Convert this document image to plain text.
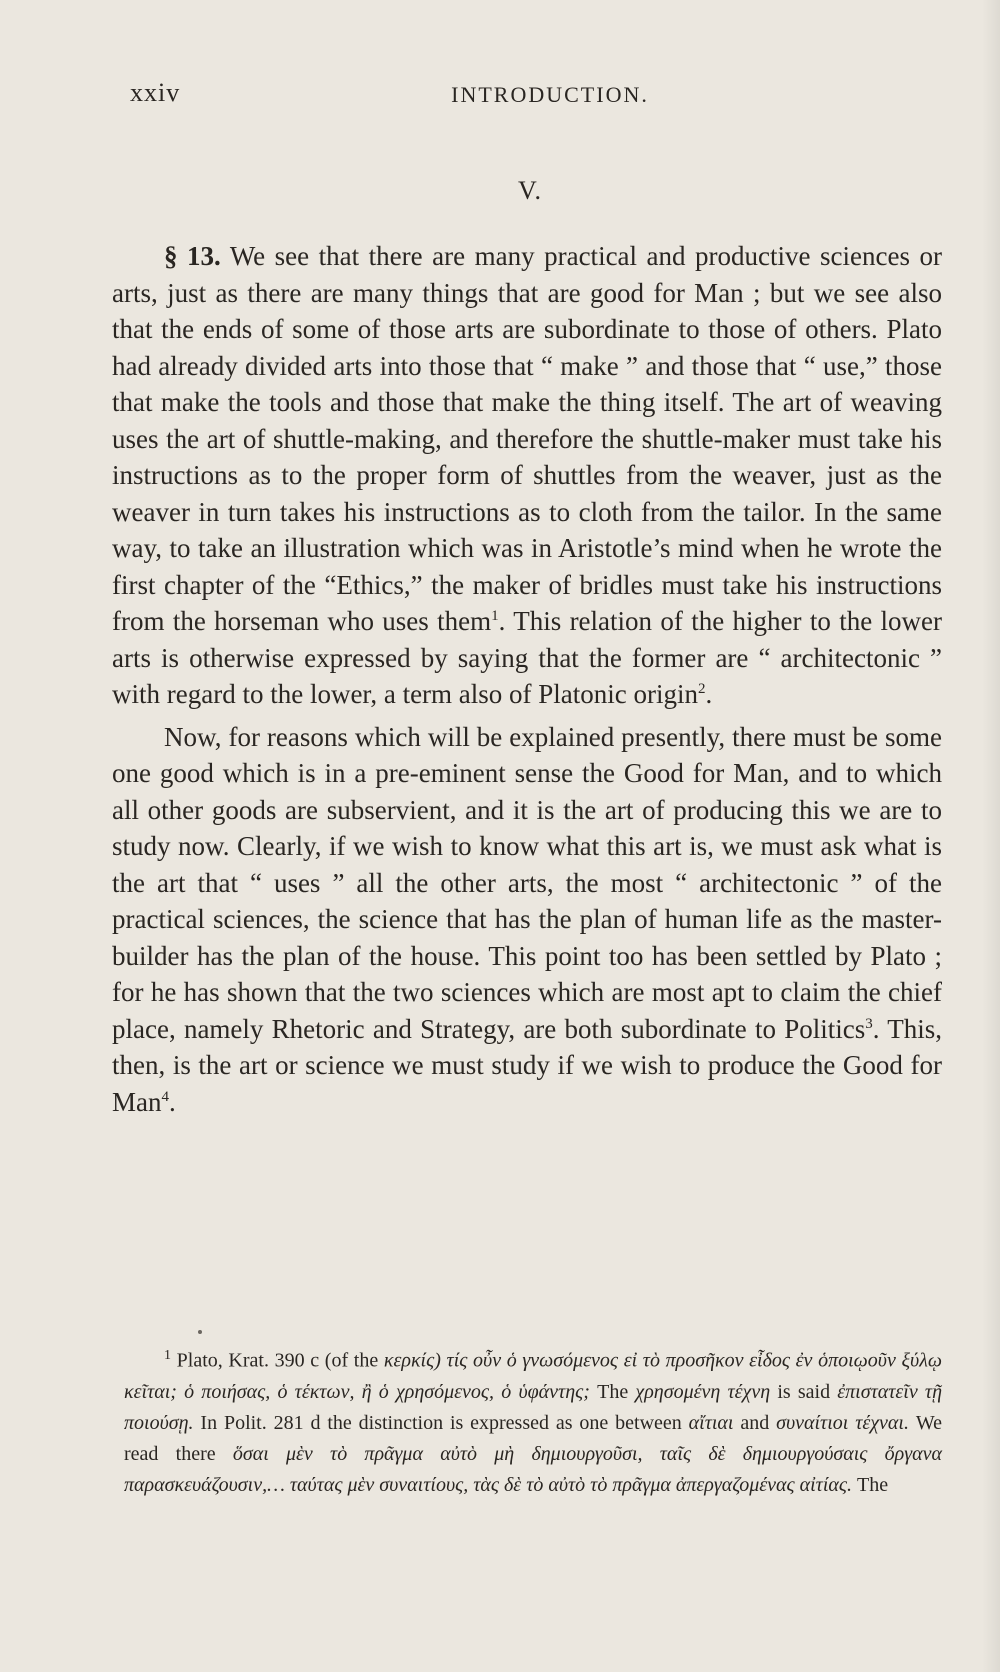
xxiv	INTRODUCTION.
V.

§ 13. We see that there are many practical and productive sciences or arts, just as there are many things that are good for Man ; but we see also that the ends of some of those arts are subordinate to those of others. Plato had already divided arts into those that “ make ” and those that “ use,” those that make the tools and those that make the thing itself. The art of weaving uses the art of shuttle-making, and therefore the shuttle-maker must take his instructions as to the proper form of shuttles from the weaver, just as the weaver in turn takes his instructions as to cloth from the tailor. In the same way, to take an illustration which was in Aristotle’s mind when he wrote the first chapter of the “Ethics,” the maker of bridles must take his instructions from the horseman who uses them$^1$. This relation of the higher to the lower arts is otherwise expressed by saying that the former are “ architectonic ” with regard to the lower, a term also of Platonic origin$^2$.

Now, for reasons which will be explained presently, there must be some one good which is in a pre-eminent sense the Good for Man, and to which all other goods are subservient, and it is the art of producing this we are to study now. Clearly, if we wish to know what this art is, we must ask what is the art that “ uses ” all the other arts, the most “ architectonic ” of the practical sciences, the science that has the plan of human life as the master-builder has the plan of the house. This point too has been settled by Plato ; for he has shown that the two sciences which are most apt to claim the chief place, namely Rhetoric and Strategy, are both subordinate to Politics$^3$. This, then, is the art or science we must study if we wish to produce the Good for Man$^4$.

$^1$ Plato, Krat. 390 c (of the κερκίς) τίς οὖν ὁ γνωσόμενος εἰ τὸ προσῆκον εἶδος ἐν ὁποιῳοῦν ξύλῳ κεῖται; ὁ ποιήσας, ὁ τέκτων, ἢ ὁ χρησόμενος, ὁ ὑφάντης; The χρησομένη τέχνη is said ἐπιστατεῖν τῇ ποιούσῃ. In Polit. 281 d the distinction is expressed as one between αἴτιαι and συναίτιοι τέχναι. We read there ὅσαι μὲν τὸ πρᾶγμα αὐτὸ μὴ δημιουργοῦσι, ταῖς δὲ δημιουργούσαις ὄργανα παρασκευάζουσιν,… ταύτας μὲν συναιτίους, τὰς δὲ τὸ αὐτὸ τὸ πρᾶγμα ἀπεργαζομένας αἰτίας. The
